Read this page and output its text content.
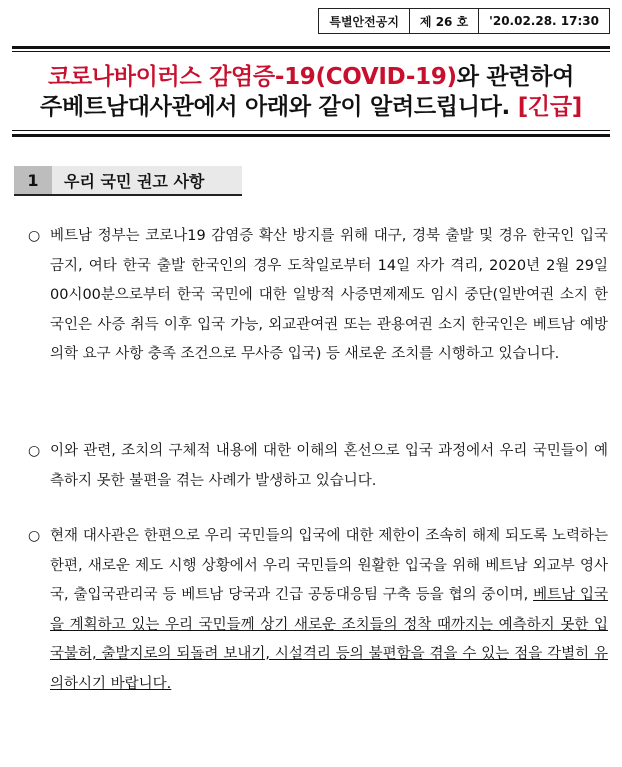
특별안전공지	제 26 호	'20.02.28. 17:30
코로나바이러스 감염증-19(COVID-19)와 관련하여
주베트남대사관에서 아래와 같이 알려드립니다. [긴급]
1	우리 국민 권고 사항
○ 베트남 정부는 코로나19 감염증 확산 방지를 위해 대구, 경북 출발 및 경유 한국인 입국금지, 여타 한국 출발 한국인의 경우 도착일로부터 14일 자가 격리, 2020년 2월 29일 00시00분으로부터 한국 국민에 대한 일방적 사증면제제도 임시 중단(일반여권 소지 한국인은 사증 취득 이후 입국 가능, 외교관여권 또는 관용여권 소지 한국인은 베트남 예방의학 요구 사항 충족 조건으로 무사증 입국) 등 새로운 조치를 시행하고 있습니다.
○ 이와 관련, 조치의 구체적 내용에 대한 이해의 혼선으로 입국 과정에서 우리 국민들이 예측하지 못한 불편을 겪는 사례가 발생하고 있습니다.
○ 현재 대사관은 한편으로 우리 국민들의 입국에 대한 제한이 조속히 해제 되도록 노력하는 한편, 새로운 제도 시행 상황에서 우리 국민들의 원활한 입국을 위해 베트남 외교부 영사국, 출입국관리국 등 베트남 당국과 긴급 공동대응팀 구축 등을 협의 중이며, 베트남 입국을 계획하고 있는 우리 국민들께 상기 새로운 조치들의 정착 때까지는 예측하지 못한 입국불허, 출발지로의 되돌려 보내기, 시설격리 등의 불편함을 겪을 수 있는 점을 각별히 유의하시기 바랍니다.
